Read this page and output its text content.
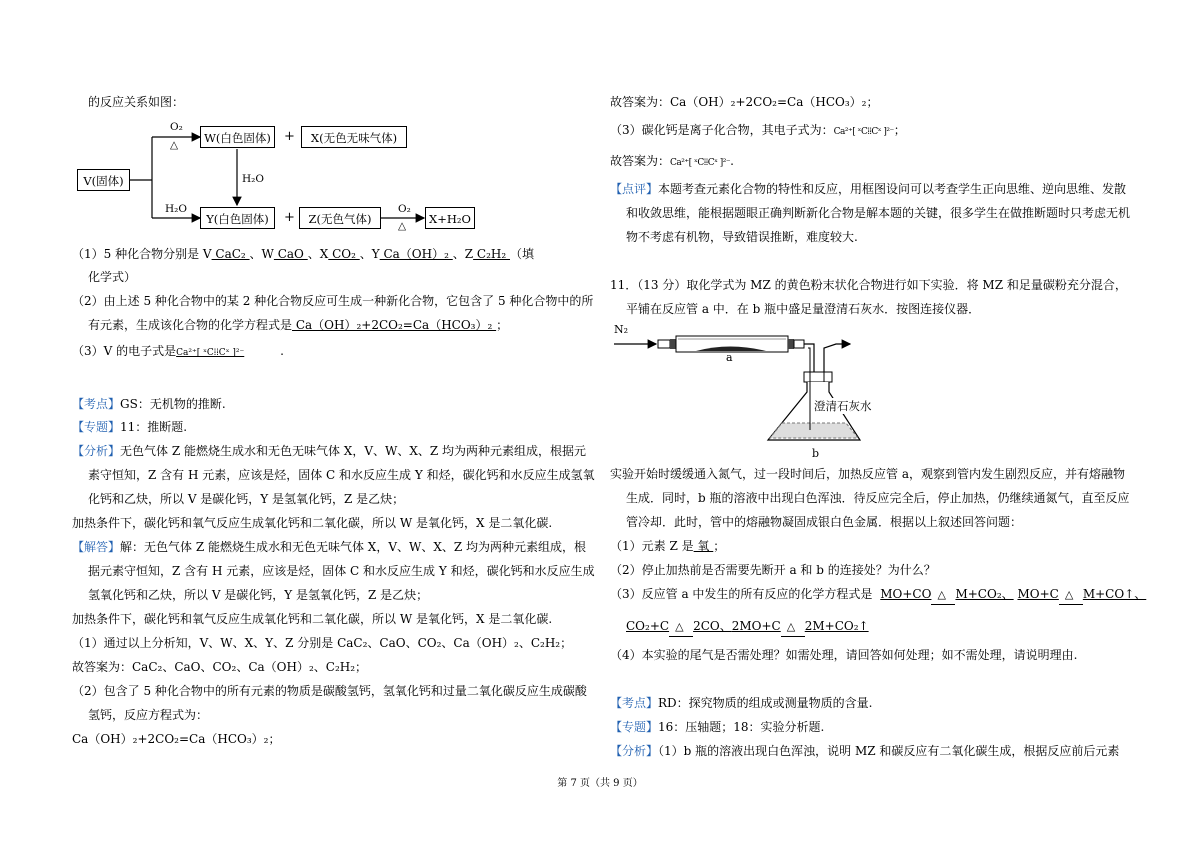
的反应关系如图：
V(固体)
W(白色固体)	+	X(无色无味气体)
Y(白色固体)	+	Z(无色气体)	X+H₂O
O₂
△
H₂O
H₂O	O₂
△
（1）5 种化合物分别是 V CaC₂ 、W CaO 、X CO₂ 、Y Ca（OH）₂ 、Z C₂H₂ （填
化学式）
（2）由上述 5 种化合物中的某 2 种化合物反应可生成一种新化合物，它包含了 5 种化合物中的所
有元素，生成该化合物的化学方程式是 Ca（OH）₂+2CO₂=Ca（HCO₃）₂ ；
（3）V 的电子式是Ca²⁺[ ˣC⁞⁞Cˣ ]²⁻	.
【考点】GS：无机物的推断.
【专题】11：推断题.
【分析】无色气体 Z 能燃烧生成水和无色无味气体 X，V、W、X、Z 均为两种元素组成，根据元
素守恒知，Z 含有 H 元素，应该是烃，固体 C 和水反应生成 Y 和烃，碳化钙和水反应生成氢氧
化钙和乙炔，所以 V 是碳化钙，Y 是氢氧化钙，Z 是乙炔；
加热条件下，碳化钙和氧气反应生成氧化钙和二氧化碳，所以 W 是氧化钙，X 是二氧化碳.
【解答】解：无色气体 Z 能燃烧生成水和无色无味气体 X，V、W、X、Z 均为两种元素组成，根
据元素守恒知，Z 含有 H 元素，应该是烃，固体 C 和水反应生成 Y 和烃，碳化钙和水反应生成
氢氧化钙和乙炔，所以 V 是碳化钙，Y 是氢氧化钙，Z 是乙炔；
加热条件下，碳化钙和氧气反应生成氧化钙和二氧化碳，所以 W 是氧化钙，X 是二氧化碳.
（1）通过以上分析知，V、W、X、Y、Z 分别是 CaC₂、CaO、CO₂、Ca（OH）₂、C₂H₂；
故答案为：CaC₂、CaO、CO₂、Ca（OH）₂、C₂H₂；
（2）包含了 5 种化合物中的所有元素的物质是碳酸氢钙，氢氧化钙和过量二氧化碳反应生成碳酸
氢钙，反应方程式为：
Ca（OH）₂+2CO₂=Ca（HCO₃）₂；
故答案为：Ca（OH）₂+2CO₂=Ca（HCO₃）₂；
（3）碳化钙是离子化合物，其电子式为：Ca²⁺[ ˣC⁞⁞Cˣ ]²⁻；
故答案为：Ca²⁺[ ˣC⁞⁞Cˣ ]²⁻.
【点评】本题考查元素化合物的特性和反应，用框图设问可以考查学生正向思维、逆向思维、发散
和收敛思维，能根据题眼正确判断新化合物是解本题的关键，很多学生在做推断题时只考虑无机
物不考虑有机物，导致错误推断，难度较大.
11．（13 分）取化学式为 MZ 的黄色粉末状化合物进行如下实验．将 MZ 和足量碳粉充分混合，
平铺在反应管 a 中．在 b 瓶中盛足量澄清石灰水．按图连接仪器．
N₂
a
b
澄清石灰水
实验开始时缓缓通入氮气，过一段时间后，加热反应管 a，观察到管内发生剧烈反应，并有熔融物
生成．同时，b 瓶的溶液中出现白色浑浊．待反应完全后，停止加热，仍继续通氮气，直至反应
管冷却．此时，管中的熔融物凝固成银白色金属．根据以上叙述回答问题：
（1）元素 Z 是 氧 ；
（2）停止加热前是否需要先断开 a 和 b 的连接处？为什么？
（3）反应管 a 中发生的所有反应的化学方程式是 MO+CO △ M+CO₂、 MO+C △ M+CO↑、
CO₂+C △ 2CO、2MO+C △ 2M+CO₂↑
（4）本实验的尾气是否需处理？如需处理，请回答如何处理；如不需处理，请说明理由.
【考点】RD：探究物质的组成或测量物质的含量.
【专题】16：压轴题；18：实验分析题.
【分析】（1）b 瓶的溶液出现白色浑浊，说明 MZ 和碳反应有二氧化碳生成，根据反应前后元素
第 7 页（共 9 页）
